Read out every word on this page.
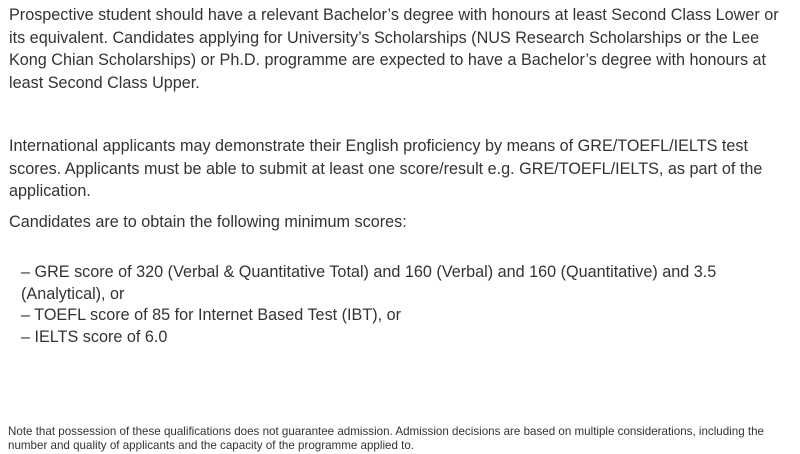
Prospective student should have a relevant Bachelor’s degree with honours at least Second Class Lower or its equivalent. Candidates applying for University’s Scholarships (NUS Research Scholarships or the Lee Kong Chian Scholarships) or Ph.D. programme are expected to have a Bachelor’s degree with honours at least Second Class Upper.

International applicants may demonstrate their English proficiency by means of GRE/TOEFL/IELTS test scores. Applicants must be able to submit at least one score/result e.g. GRE/TOEFL/IELTS, as part of the application.

Candidates are to obtain the following minimum scores:

– GRE score of 320 (Verbal & Quantitative Total) and 160 (Verbal) and 160 (Quantitative) and 3.5 (Analytical), or
– TOEFL score of 85 for Internet Based Test (IBT), or
– IELTS score of 6.0

Note that possession of these qualifications does not guarantee admission. Admission decisions are based on multiple considerations, including the number and quality of applicants and the capacity of the programme applied to.
